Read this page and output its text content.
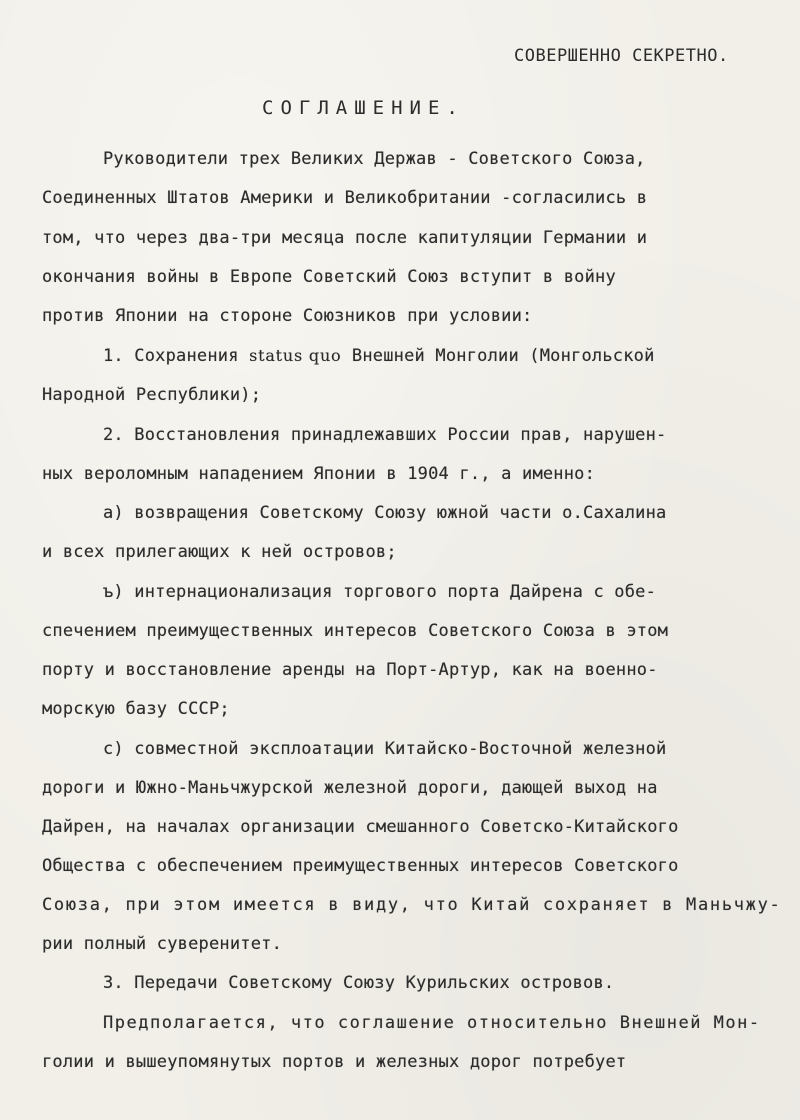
СОВЕРШЕННО СЕКРЕТНО.
СОГЛАШЕНИЕ.
Руководители трех Великих Держав - Советского Союза,
Соединенных Штатов Америки и Великобритании -согласились в
том, что через два-три месяца после капитуляции Германии и
окончания войны в Европе Советский Союз вступит в войну
против Японии на стороне Союзников при условии:
1. Сохранения status quo Внешней Монголии (Монгольской
Народной Республики);
2. Восстановления принадлежавших России прав, нарушен-
ных вероломным нападением Японии в 1904 г., а именно:
а) возвращения Советскому Союзу южной части о.Сахалина
и всех прилегающих к ней островов;
ъ) интернационализация торгового порта Дайрена с обе-
спечением преимущественных интересов Советского Союза в этом
порту и восстановление аренды на Порт-Артур, как на военно-
морскую базу СССР;
с) совместной эксплоатации Китайско-Восточной железной
дороги и Южно-Маньчжурской железной дороги, дающей выход на
Дайрен, на началах организации смешанного Советско-Китайского
Общества с обеспечением преимущественных интересов Советского
Союза, при этом имеется в виду, что Китай сохраняет в Маньчжу-
рии полный суверенитет.
3. Передачи Советскому Союзу Курильских островов.
Предполагается, что соглашение относительно Внешней Мон-
голии и вышеупомянутых портов и железных дорог потребует
